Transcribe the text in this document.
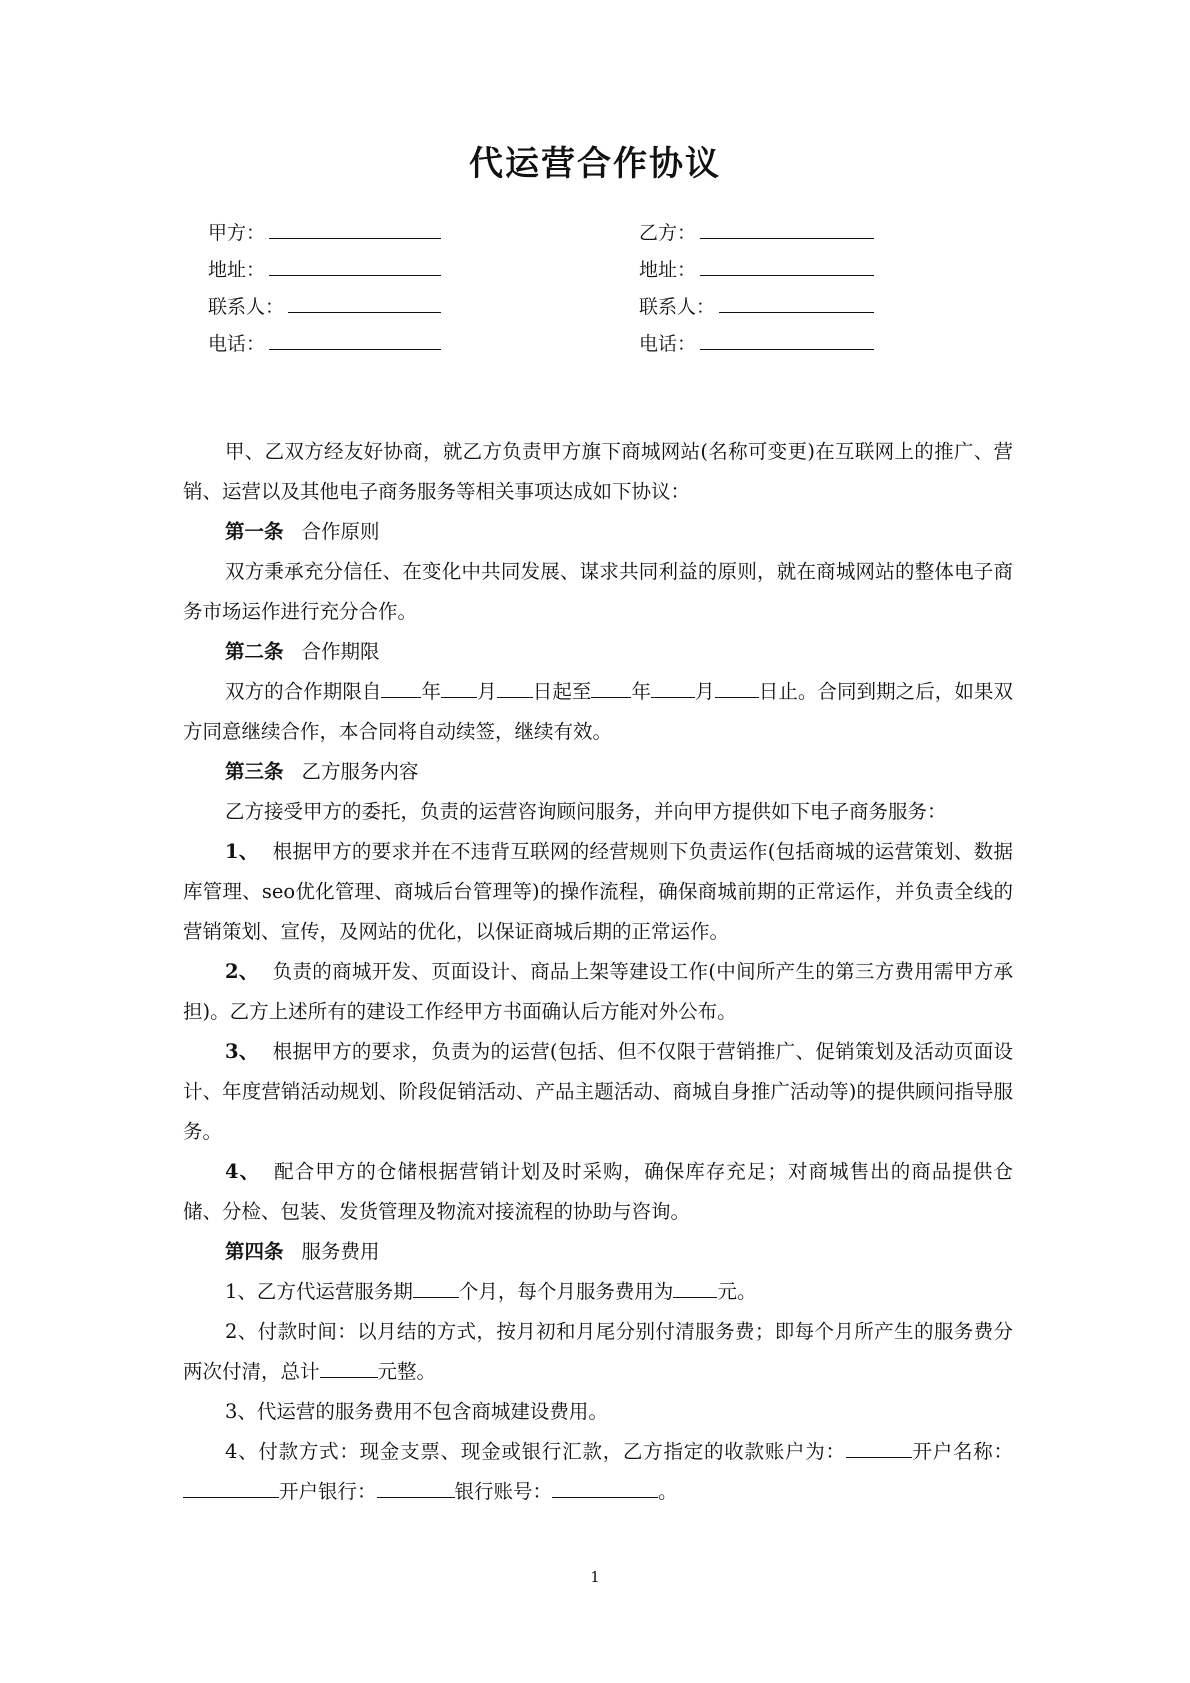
代运营合作协议
甲方：
地址：
联系人：
电话：
乙方：
地址：
联系人：
电话：

甲、乙双方经友好协商，就乙方负责甲方旗下商城网站(名称可变更)在互联网上的推广、营销、运营以及其他电子商务服务等相关事项达成如下协议：

第一条 合作原则

双方秉承充分信任、在变化中共同发展、谋求共同利益的原则，就在商城网站的整体电子商务市场运作进行充分合作。

第二条 合作期限

双方的合作期限自 年 月 日起至 年 月 日止。合同到期之后，如果双方同意继续合作，本合同将自动续签，继续有效。

第三条 乙方服务内容

乙方接受甲方的委托，负责的运营咨询顾问服务，并向甲方提供如下电子商务服务：

1、 根据甲方的要求并在不违背互联网的经营规则下负责运作(包括商城的运营策划、数据库管理、seo优化管理、商城后台管理等)的操作流程，确保商城前期的正常运作，并负责全线的营销策划、宣传，及网站的优化，以保证商城后期的正常运作。

2、 负责的商城开发、页面设计、商品上架等建设工作(中间所产生的第三方费用需甲方承担)。乙方上述所有的建设工作经甲方书面确认后方能对外公布。

3、 根据甲方的要求，负责为的运营(包括、但不仅限于营销推广、促销策划及活动页面设计、年度营销活动规划、阶段促销活动、产品主题活动、商城自身推广活动等)的提供顾问指导服务。

4、 配合甲方的仓储根据营销计划及时采购，确保库存充足；对商城售出的商品提供仓储、分检、包装、发货管理及物流对接流程的协助与咨询。

第四条 服务费用

1、乙方代运营服务期 个月，每个月服务费用为 元。

2、付款时间：以月结的方式，按月初和月尾分别付清服务费；即每个月所产生的服务费分两次付清，总计	元整。

3、代运营的服务费用不包含商城建设费用。

4、付款方式：现金支票、现金或银行汇款，乙方指定的收款账户为：	开户名称：开户银行：	银行账号：	。

1
